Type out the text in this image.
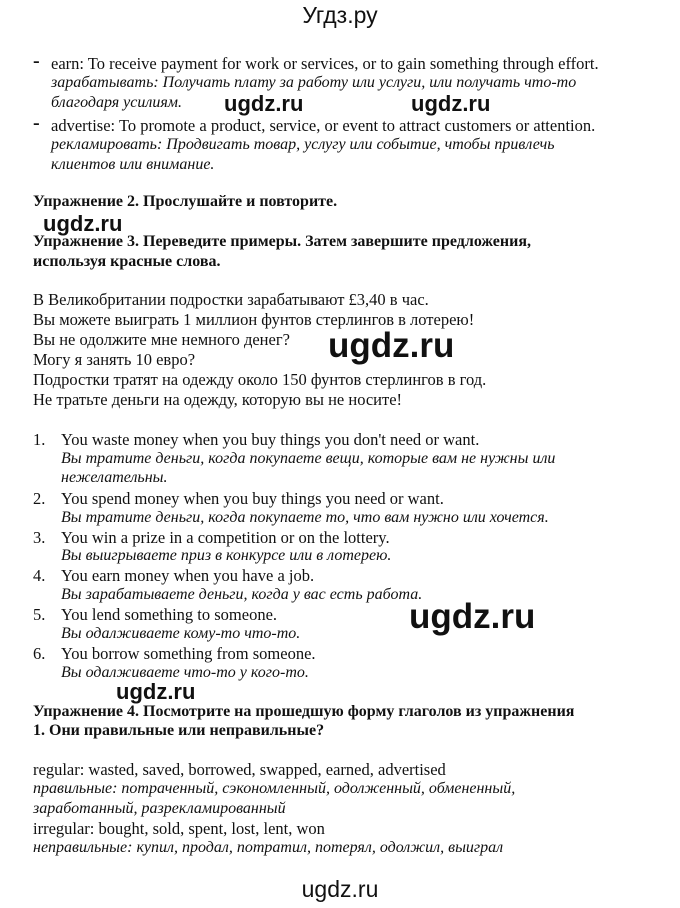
Угдз.ру
- earn: To receive payment for work or services, or to gain something through effort.
зарабатывать: Получать плату за работу или услуги, или получать что-то
благодаря усилиям.
- advertise: To promote a product, service, or event to attract customers or attention.
рекламировать: Продвигать товар, услугу или событие, чтобы привлечь
клиентов или внимание.
ugdz.ru	ugdz.ru
ugdz.ru
ugdz.ru
ugdz.ru
ugdz.ru
Упражнение 2. Прослушайте и повторите.
Упражнение 3. Переведите примеры. Затем завершите предложения,
используя красные слова.
В Великобритании подростки зарабатывают £3,40 в час.
Вы можете выиграть 1 миллион фунтов стерлингов в лотерею!
Вы не одолжите мне немного денег?
Могу я занять 10 евро?
Подростки тратят на одежду около 150 фунтов стерлингов в год.
Не тратьте деньги на одежду, которую вы не носите!
1. You waste money when you buy things you don't need or want.
Вы тратите деньги, когда покупаете вещи, которые вам не нужны или
нежелательны.
2. You spend money when you buy things you need or want.
Вы тратите деньги, когда покупаете то, что вам нужно или хочется.
3. You win a prize in a competition or on the lottery.
Вы выигрываете приз в конкурсе или в лотерею.
4. You earn money when you have a job.
Вы зарабатываете деньги, когда у вас есть работа.
5. You lend something to someone.
Вы одалживаете кому-то что-то.
6. You borrow something from someone.
Вы одалживаете что-то у кого-то.
Упражнение 4. Посмотрите на прошедшую форму глаголов из упражнения
1. Они правильные или неправильные?
regular: wasted, saved, borrowed, swapped, earned, advertised
правильные: потраченный, сэкономленный, одолженный, обмененный,
заработанный, разрекламированный
irregular: bought, sold, spent, lost, lent, won
неправильные: купил, продал, потратил, потерял, одолжил, выиграл
ugdz.ru
